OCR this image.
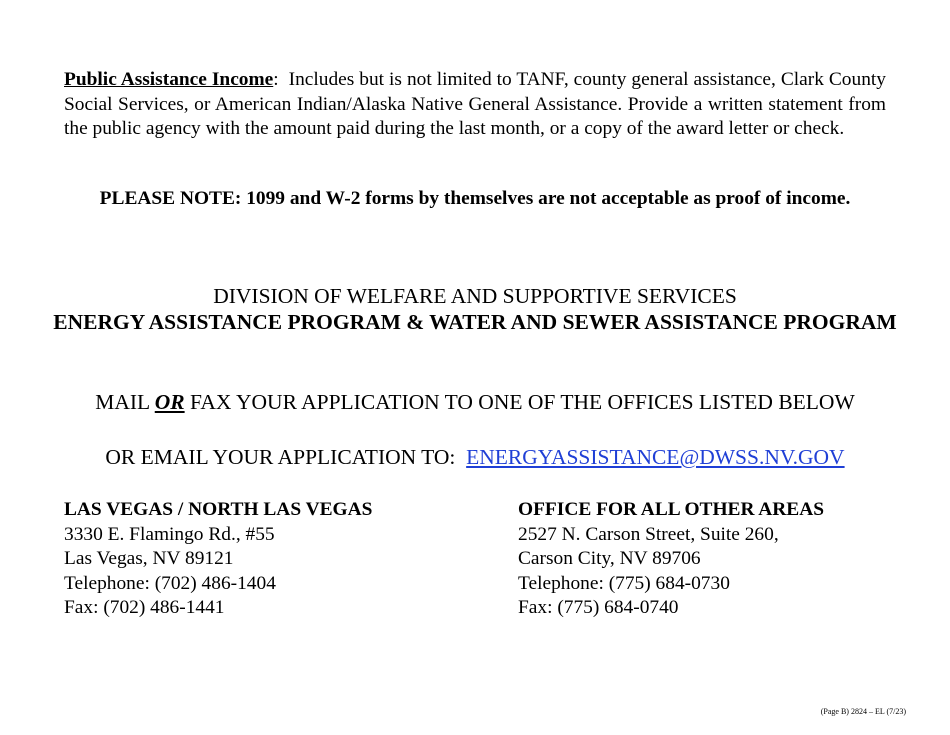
Public Assistance Income: Includes but is not limited to TANF, county general assistance, Clark County Social Services, or American Indian/Alaska Native General Assistance. Provide a written statement from the public agency with the amount paid during the last month, or a copy of the award letter or check.
PLEASE NOTE: 1099 and W-2 forms by themselves are not acceptable as proof of income.
DIVISION OF WELFARE AND SUPPORTIVE SERVICES
ENERGY ASSISTANCE PROGRAM & WATER AND SEWER ASSISTANCE PROGRAM
MAIL OR FAX YOUR APPLICATION TO ONE OF THE OFFICES LISTED BELOW
OR EMAIL YOUR APPLICATION TO: ENERGYASSISTANCE@DWSS.NV.GOV
LAS VEGAS / NORTH LAS VEGAS
3330 E. Flamingo Rd., #55
Las Vegas, NV 89121
Telephone: (702) 486-1404
Fax: (702) 486-1441
OFFICE FOR ALL OTHER AREAS
2527 N. Carson Street, Suite 260,
Carson City, NV 89706
Telephone: (775) 684-0730
Fax: (775) 684-0740
(Page B) 2824 – EL (7/23)
